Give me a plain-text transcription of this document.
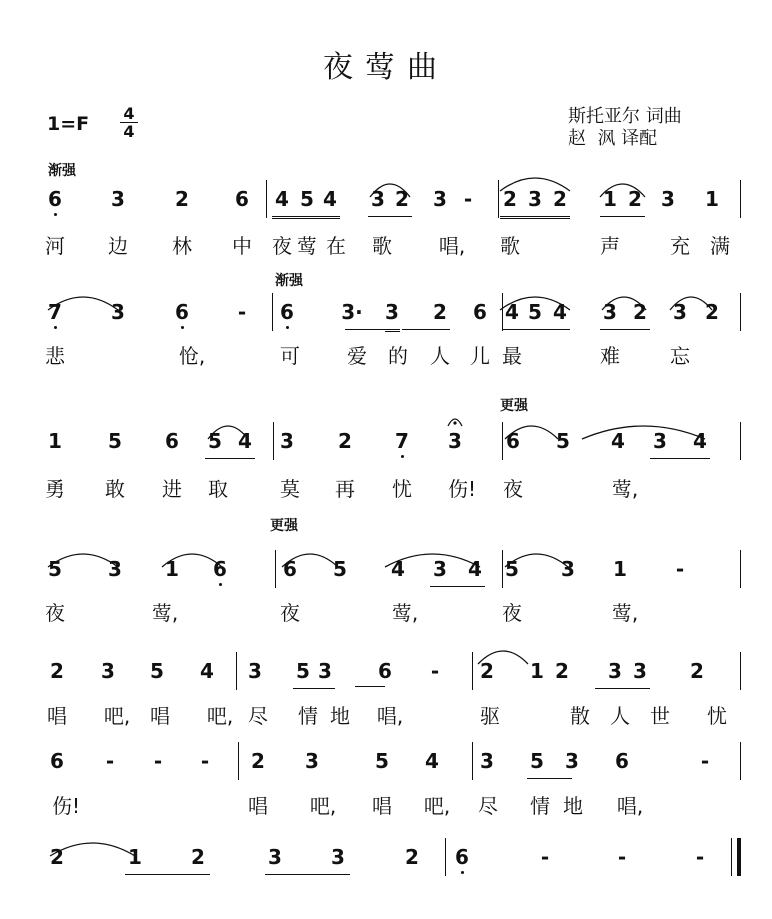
夜莺曲
$1=F \frac{4}{4}$	斯托亚尔 词曲
赵  沨 译配
渐强
渐强
更强
更强
6 3	2 6 4 5 4 3 2 3 - 2 3 2 1 2 3 1
河 边 林 中 夜 莺 在 歌 唱, 歌	声	充 满
7 3	6 - 6 3· 3 2 6 4 5 4 3 2 3 2
悲	怆,	可 爱 的 人 儿 最	难	忘
1 5 6 5 4 3 2 7 3 6 5 4 3 4
勇 敢 进 取	莫 再 忧 伤! 夜	莺,
5 3 1 6	6 5 4 3 4 5 3 1 -
夜	莺,	夜	莺,	夜	莺,
2 3 5 4 3 5 3 6 - 2 1 2 3 3 2
唱 吧, 唱 吧, 尽 情 地 唱,	驱	散 人 世 忧
6 - - - 2 3	5 4 3 5 3 6	-
伤!	唱 吧, 唱 吧, 尽 情 地 唱,
2	1 2	3 3	2 6	-	-	-
